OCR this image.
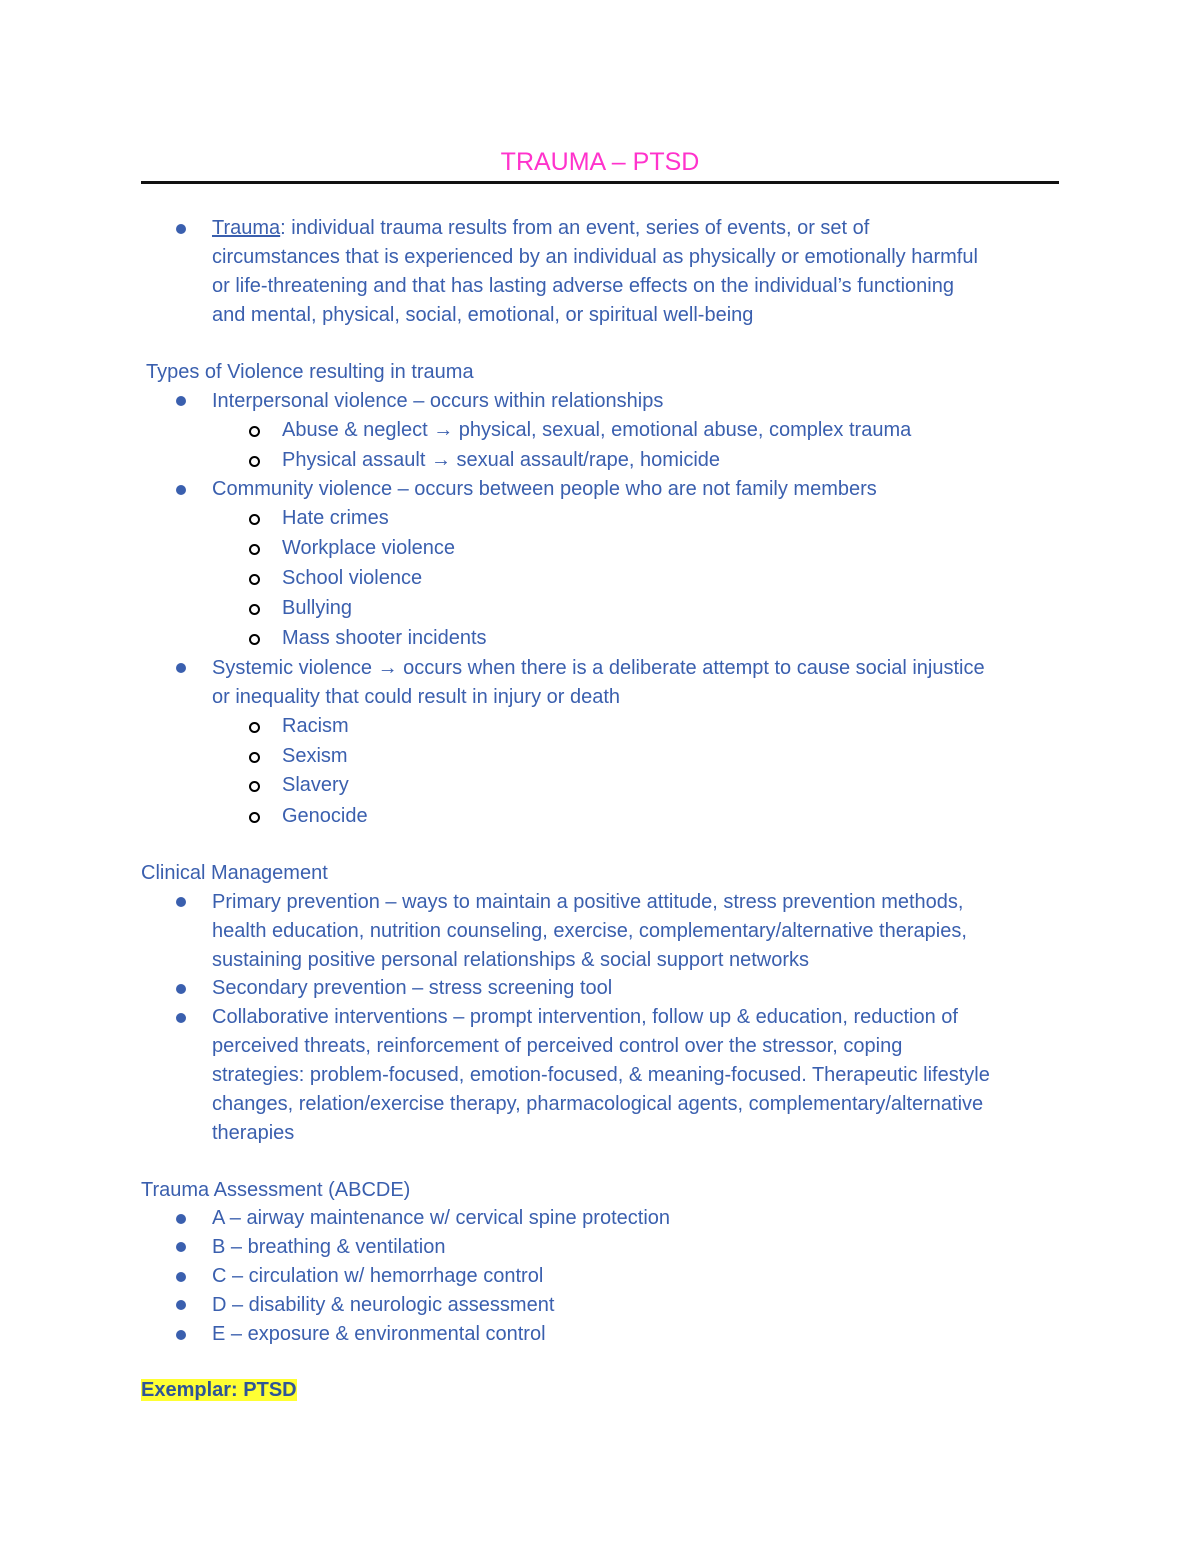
TRAUMA – PTSD
Trauma: individual trauma results from an event, series of events, or set of
circumstances that is experienced by an individual as physically or emotionally harmful
or life-threatening and that has lasting adverse effects on the individual’s functioning
and mental, physical, social, emotional, or spiritual well-being
Types of Violence resulting in trauma
Interpersonal violence – occurs within relationships
Abuse & neglect → physical, sexual, emotional abuse, complex trauma
Physical assault → sexual assault/rape, homicide
Community violence – occurs between people who are not family members
Hate crimes
Workplace violence
School violence
Bullying
Mass shooter incidents
Systemic violence → occurs when there is a deliberate attempt to cause social injustice
or inequality that could result in injury or death
Racism
Sexism
Slavery
Genocide
Clinical Management
Primary prevention – ways to maintain a positive attitude, stress prevention methods,
health education, nutrition counseling, exercise, complementary/alternative therapies,
sustaining positive personal relationships & social support networks
Secondary prevention – stress screening tool
Collaborative interventions – prompt intervention, follow up & education, reduction of
perceived threats, reinforcement of perceived control over the stressor, coping
strategies: problem-focused, emotion-focused, & meaning-focused. Therapeutic lifestyle
changes, relation/exercise therapy, pharmacological agents, complementary/alternative
therapies
Trauma Assessment (ABCDE)
A – airway maintenance w/ cervical spine protection
B – breathing & ventilation
C – circulation w/ hemorrhage control
D – disability & neurologic assessment
E – exposure & environmental control
Exemplar: PTSD
